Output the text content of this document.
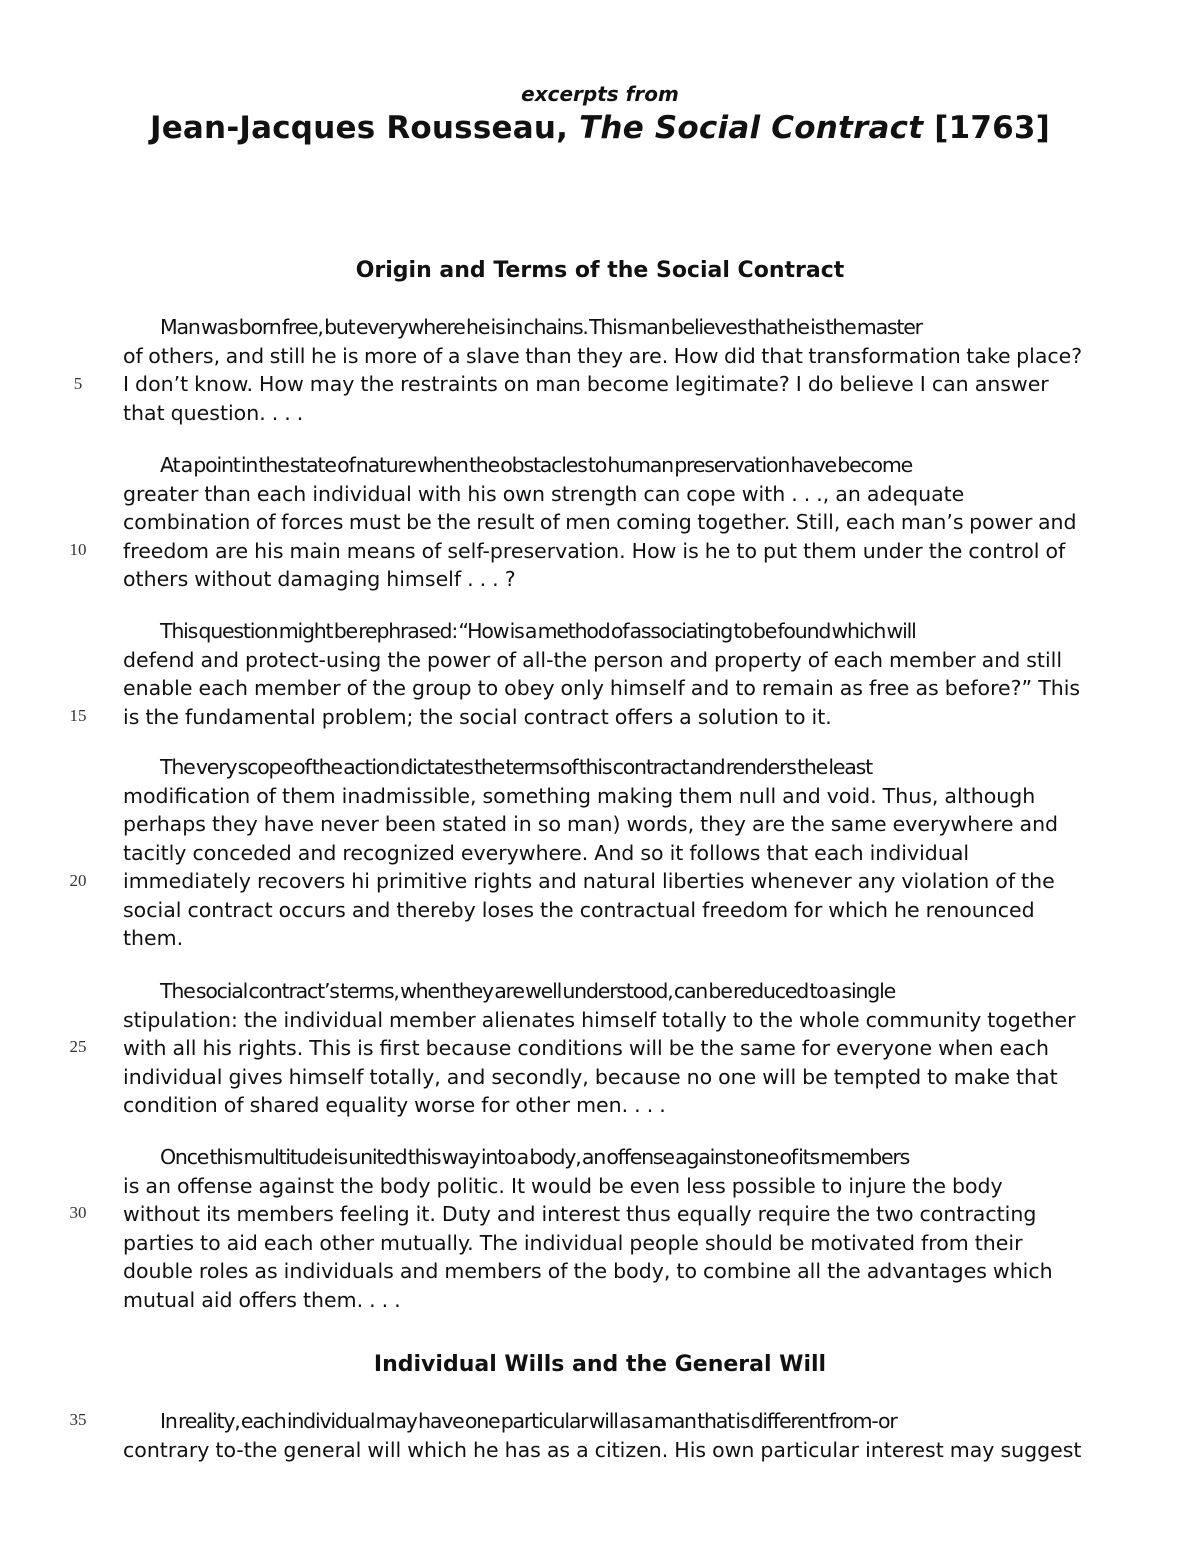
excerpts from
Jean-Jacques Rousseau, The Social Contract [1763]
Origin and Terms of the Social Contract
Man was born free, but everywhere he is in chains. This man believes that he is the master
of others, and still he is more of a slave than they are. How did that transformation take place?
I don’t know. How may the restraints on man become legitimate? I do believe I can answer
that question. . . .
At a point in the state of nature when the obstacles to human preservation have become
greater than each individual with his own strength can cope with . . ., an adequate
combination of forces must be the result of men coming together. Still, each man’s power and
freedom are his main means of self-preservation. How is he to put them under the control of
others without damaging himself . . . ?
This question might be rephrased: “How is a method of associating to be found which will
defend and protect-using the power of all-the person and property of each member and still
enable each member of the group to obey only himself and to remain as free as before?” This
is the fundamental problem; the social contract offers a solution to it.
The very scope of the action dictates the terms of this contract and renders the least
modification of them inadmissible, something making them null and void. Thus, although
perhaps they have never been stated in so man) words, they are the same everywhere and
tacitly conceded and recognized everywhere. And so it follows that each individual
immediately recovers hi primitive rights and natural liberties whenever any violation of the
social contract occurs and thereby loses the contractual freedom for which he renounced
them.
The social contract’s terms, when they are well understood, can be reduced to a single
stipulation: the individual member alienates himself totally to the whole community together
with all his rights. This is first because conditions will be the same for everyone when each
individual gives himself totally, and secondly, because no one will be tempted to make that
condition of shared equality worse for other men. . . .
Once this multitude is united this way into a body, an offense against one of its members
is an offense against the body politic. It would be even less possible to injure the body
without its members feeling it. Duty and interest thus equally require the two contracting
parties to aid each other mutually. The individual people should be motivated from their
double roles as individuals and members of the body, to combine all the advantages which
mutual aid offers them. . . .
Individual Wills and the General Will
In reality, each individual may have one particular will as a man that is different from-or
contrary to-the general will which he has as a citizen. His own particular interest may suggest
5
10
15
20
25
30
35
